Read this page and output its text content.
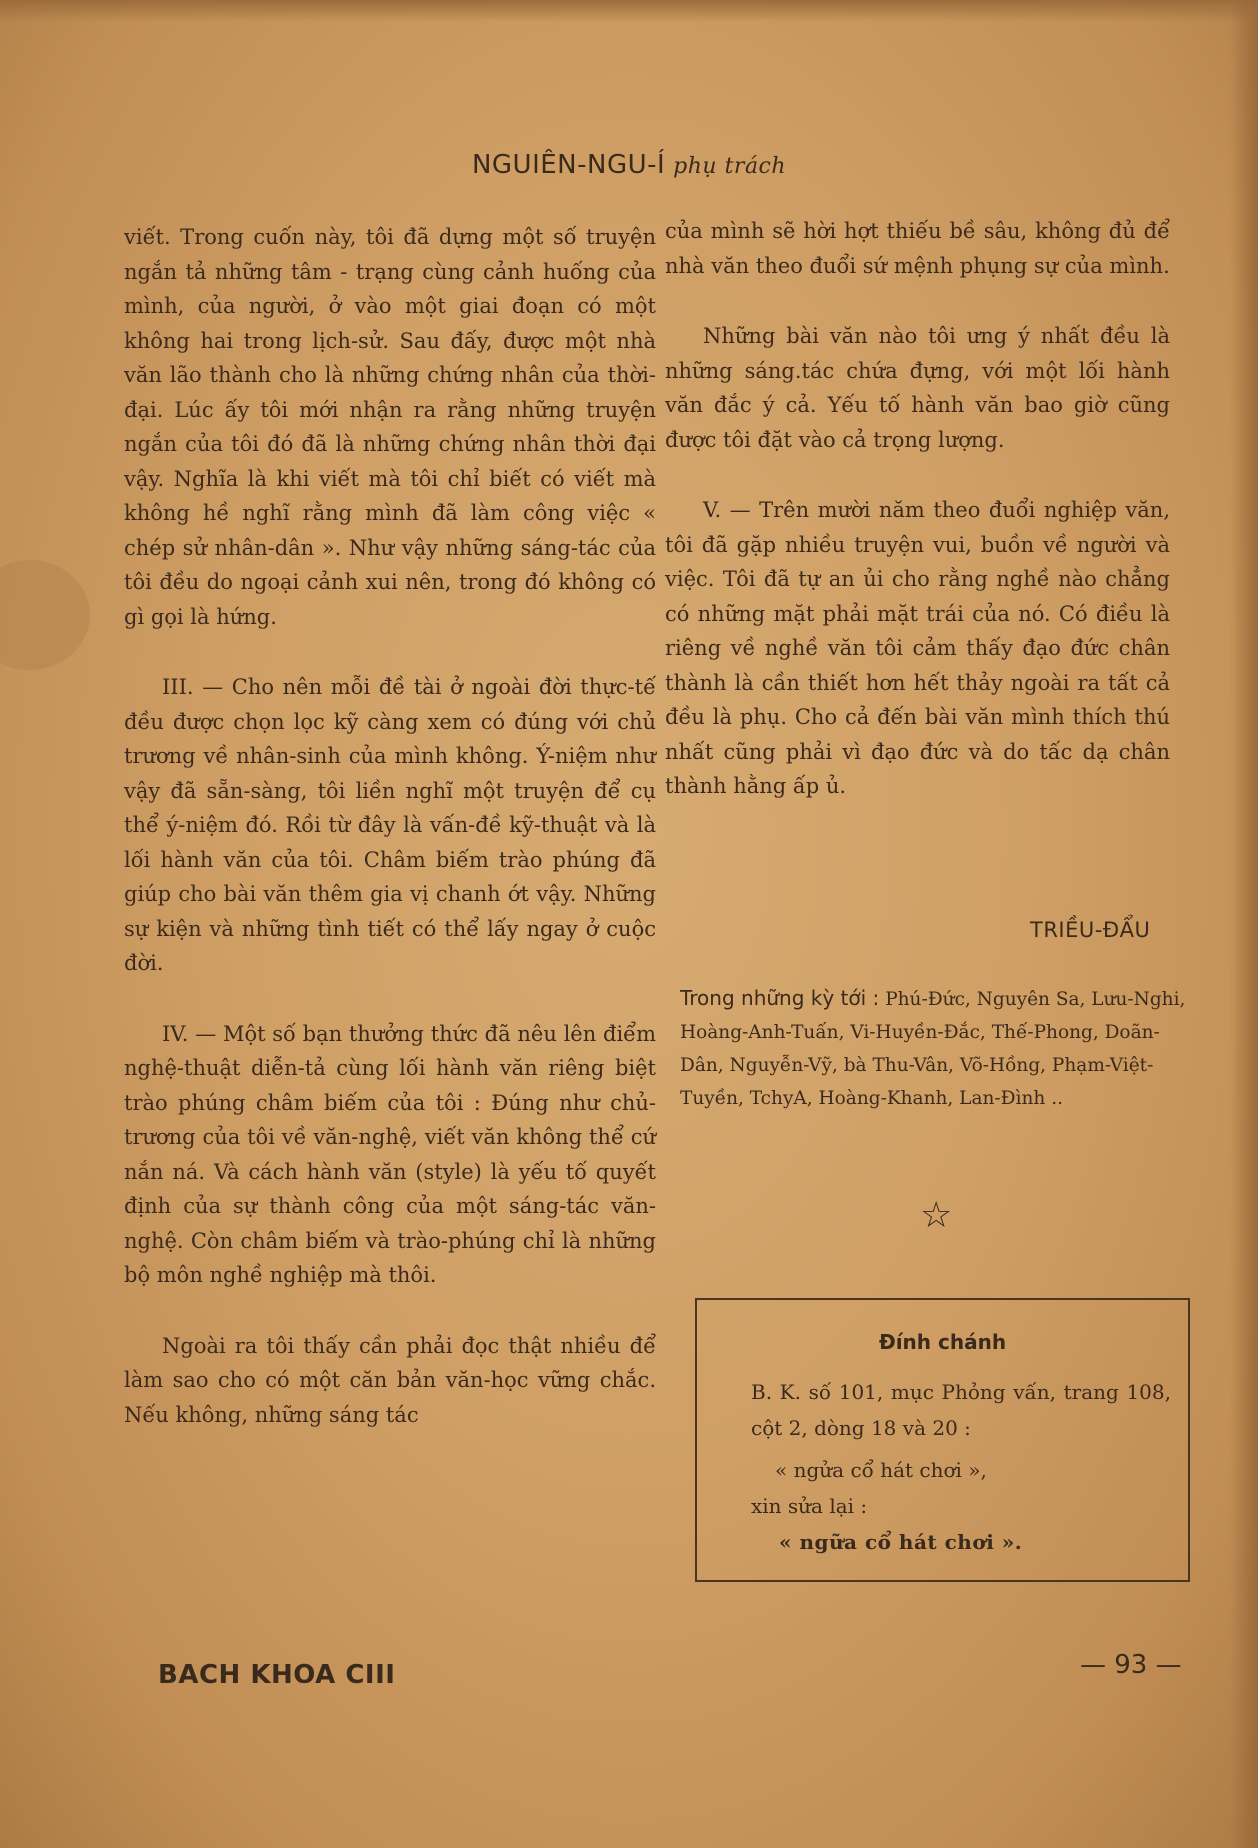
NGUIÊN-NGU-Í phụ trách

viết. Trong cuốn này, tôi đã dựng một số truyện ngắn tả những tâm - trạng cùng cảnh huống của mình, của người, ở vào một giai đoạn có một không hai trong lịch-sử. Sau đấy, được một nhà văn lão thành cho là những chứng nhân của thời-đại. Lúc ấy tôi mới nhận ra rằng những truyện ngắn của tôi đó đã là những chứng nhân thời đại vậy. Nghĩa là khi viết mà tôi chỉ biết có viết mà không hề nghĩ rằng mình đã làm công việc « chép sử nhân-dân ». Như vậy những sáng-tác của tôi đều do ngoại cảnh xui nên, trong đó không có gì gọi là hứng.

III. — Cho nên mỗi đề tài ở ngoài đời thực-tế đều được chọn lọc kỹ càng xem có đúng với chủ trương về nhân-sinh của mình không. Ý-niệm như vậy đã sẵn-sàng, tôi liền nghĩ một truyện để cụ thể ý-niệm đó. Rồi từ đây là vấn-đề kỹ-thuật và là lối hành văn của tôi. Châm biếm trào phúng đã giúp cho bài văn thêm gia vị chanh ớt vậy. Những sự kiện và những tình tiết có thể lấy ngay ở cuộc đời.

IV. — Một số bạn thưởng thức đã nêu lên điểm nghệ-thuật diễn-tả cùng lối hành văn riêng biệt trào phúng châm biếm của tôi : Đúng như chủ-trương của tôi về văn-nghệ, viết văn không thể cứ nắn ná. Và cách hành văn (style) là yếu tố quyết định của sự thành công của một sáng-tác văn-nghệ. Còn châm biếm và trào-phúng chỉ là những bộ môn nghề nghiệp mà thôi.

Ngoài ra tôi thấy cần phải đọc thật nhiều để làm sao cho có một căn bản văn-học vững chắc. Nếu không, những sáng tác

của mình sẽ hời hợt thiếu bề sâu, không đủ để nhà văn theo đuổi sứ mệnh phụng sự của mình.

Những bài văn nào tôi ưng ý nhất đều là những sáng.tác chứa đựng, với một lối hành văn đắc ý cả. Yếu tố hành văn bao giờ cũng được tôi đặt vào cả trọng lượng.

V. — Trên mười năm theo đuổi nghiệp văn, tôi đã gặp nhiều truyện vui, buồn về người và việc. Tôi đã tự an ủi cho rằng nghề nào chẳng có những mặt phải mặt trái của nó. Có điều là riêng về nghề văn tôi cảm thấy đạo đức chân thành là cần thiết hơn hết thảy ngoài ra tất cả đều là phụ. Cho cả đến bài văn mình thích thú nhất cũng phải vì đạo đức và do tấc dạ chân thành hằng ấp ủ.

TRIỀU-ĐẨU
Trong những kỳ tới : Phú-Đức, Nguyên Sa, Lưu-Nghi, Hoàng-Anh-Tuấn, Vi-Huyền-Đắc, Thế-Phong, Doãn-Dân, Nguyễn-Vỹ, bà Thu-Vân, Võ-Hồng, Phạm-Việt-Tuyền, TchyA, Hoàng-Khanh, Lan-Đình ..
☆
Đính chánh

B. K. số 101, mục Phỏng vấn, trang 108, cột 2, dòng 18 và 20 :

« ngửa cổ hát chơi »,

xin sửa lại :

« ngữa cổ hát chơi ».

BACH KHOA CIII	— 93 —
